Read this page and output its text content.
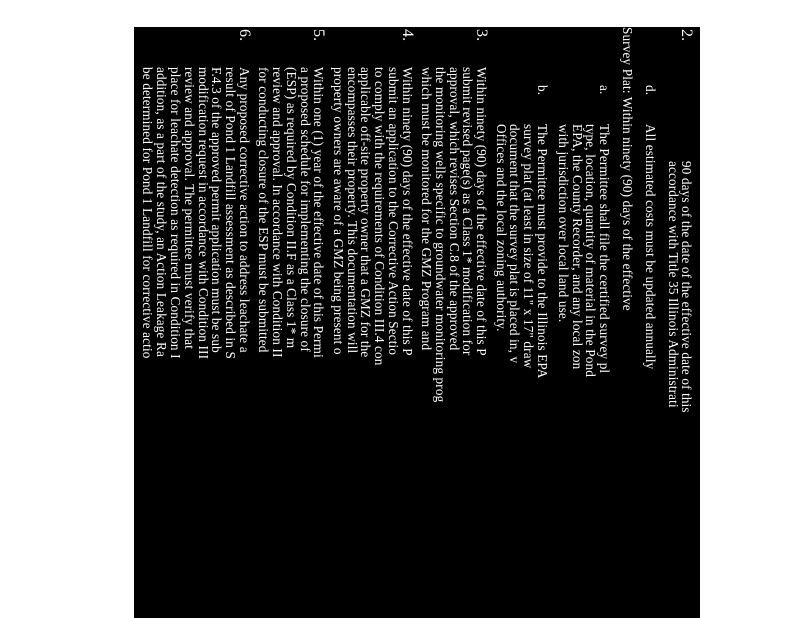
2.
90 days of the date of the effective date of this
accordance with Title 35 Illinois Administrati
d.
All estimated costs must be updated annually
Survey Plat: Within ninety (90) days of the effective
a.
The Permittee shall file the certified survey pl
type, location, quantity of material in the Pond
EPA, the County Recorder, and any local zon
with jurisdiction over local land use.
b.
The Permittee must provide to the Illinois EPA
survey plat (at least in size of 11" x 17" draw
document that the survey plat is placed in, v
Offices and the local zoning authority.
3.
Within ninety (90) days of the effective date of this P
submit revised page(s) as a Class 1* modification for
approval, which revises Section C.8 of the approved
the monitoring wells specific to groundwater monitoring prog
which must be monitored for the GMZ Program and
4.
Within ninety (90) days of the effective date of this P
submit an application to the Corrective Action Sectio
to comply with the requirements of Condition III.4 con
applicable off-site property owner that a GMZ for the
encompasses their property. This documentation will
property owners are aware of a GMZ being present o
5.
Within one (1) year of the effective date of this Permi
a proposed schedule for implementing the closure of
(ESP) as required by Condition II.F as a Class 1* m
review and approval. In accordance with Condition II
for conducting closure of the ESP must be submitted
6.
Any proposed corrective action to address leachate a
result of Pond 1 Landfill assessment as described in S
F.4.3 of the approved permit application must be sub
modification request in accordance with Condition III
review and approval. The permittee must verify that
place for leachate detection as required in Condition I
addition, as a part of the study, an Action Leakage Ra
be determined for Pond 1 Landfill for corrective actio
